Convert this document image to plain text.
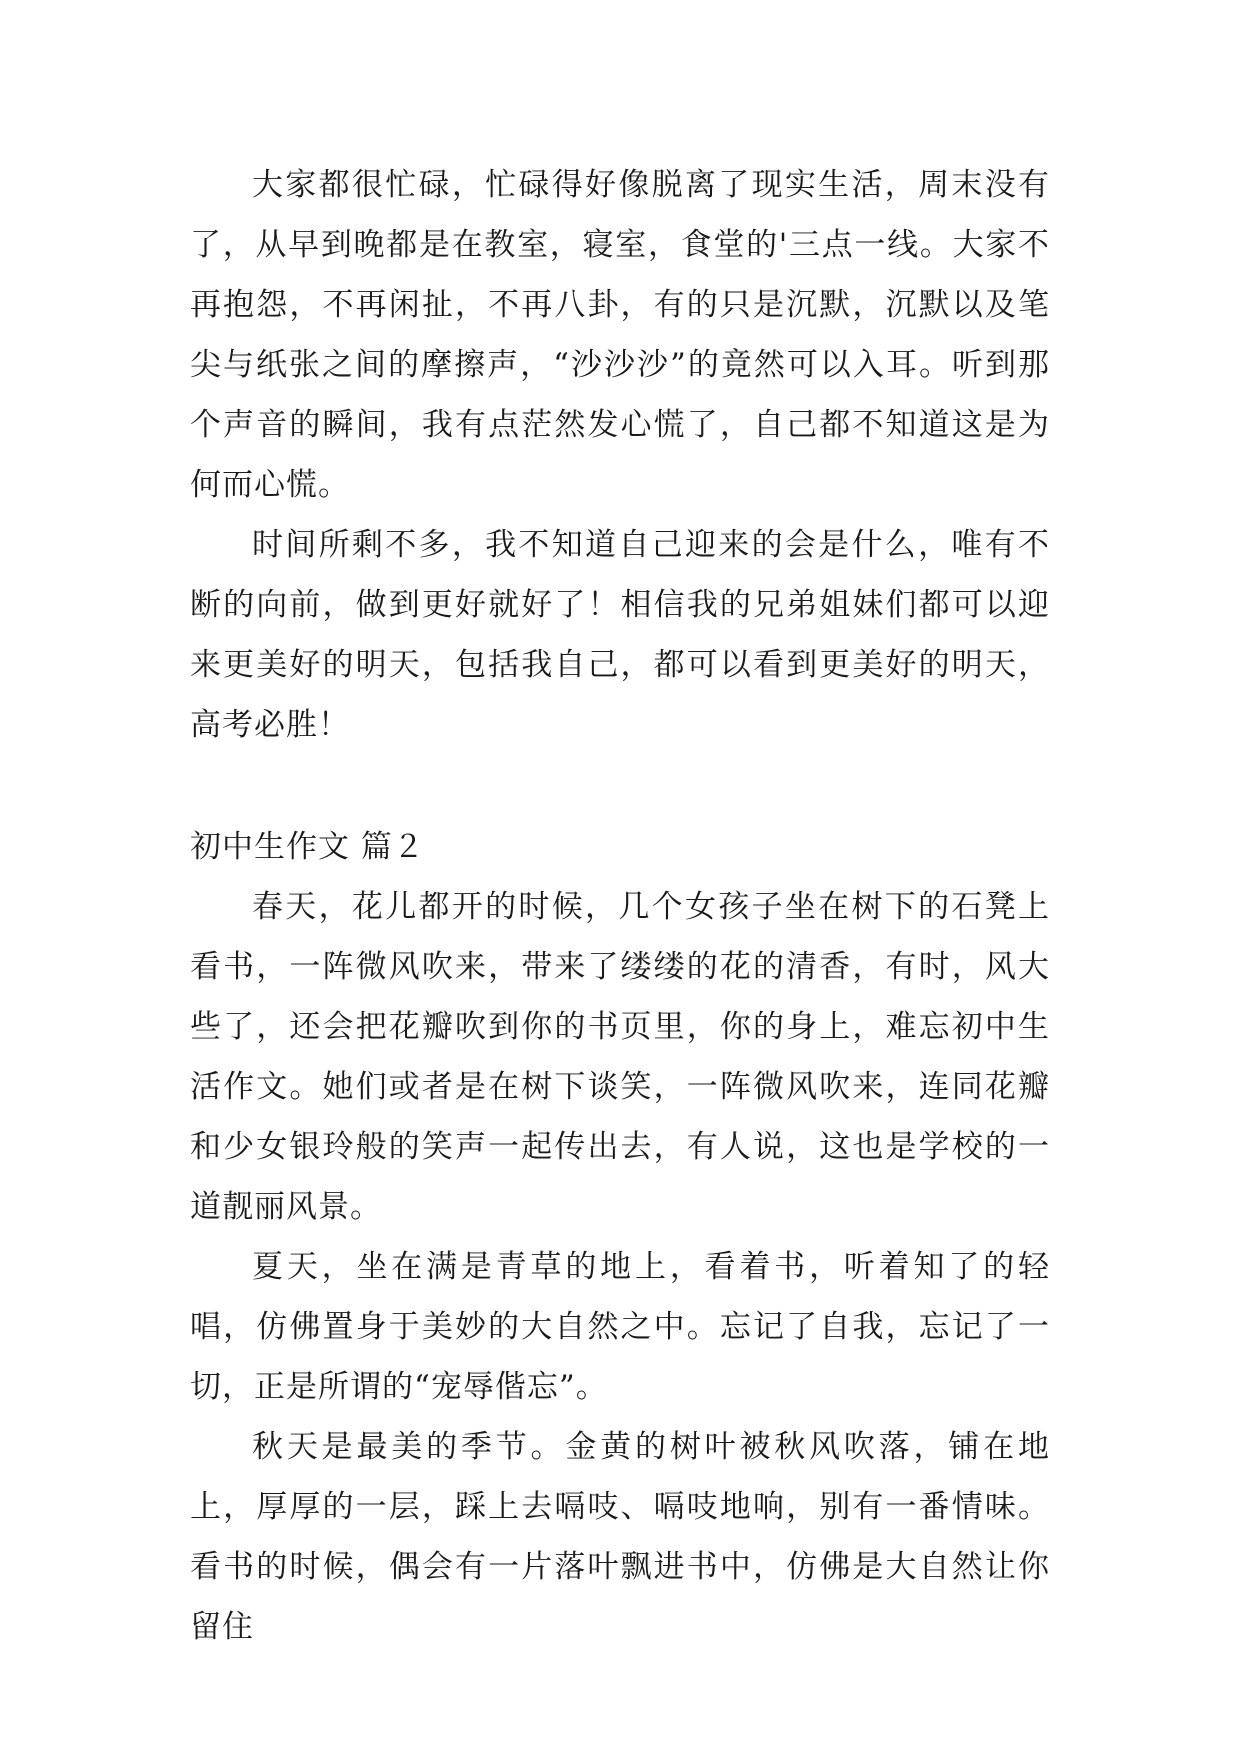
大家都很忙碌，忙碌得好像脱离了现实生活，周末没有了，从早到晚都是在教室，寝室，食堂的'三点一线。大家不再抱怨，不再闲扯，不再八卦，有的只是沉默，沉默以及笔尖与纸张之间的摩擦声，“沙沙沙”的竟然可以入耳。听到那个声音的瞬间，我有点茫然发心慌了，自己都不知道这是为何而心慌。

时间所剩不多，我不知道自己迎来的会是什么，唯有不断的向前，做到更好就好了！相信我的兄弟姐妹们都可以迎来更美好的明天，包括我自己，都可以看到更美好的明天，高考必胜！

初中生作文 篇２

春天，花儿都开的时候，几个女孩子坐在树下的石凳上看书，一阵微风吹来，带来了缕缕的花的清香，有时，风大些了，还会把花瓣吹到你的书页里，你的身上，难忘初中生活作文。她们或者是在树下谈笑，一阵微风吹来，连同花瓣和少女银玲般的笑声一起传出去，有人说，这也是学校的一道靓丽风景。

夏天，坐在满是青草的地上，看着书，听着知了的轻唱，仿佛置身于美妙的大自然之中。忘记了自我，忘记了一切，正是所谓的“宠辱偕忘”。

秋天是最美的季节。金黄的树叶被秋风吹落，铺在地上，厚厚的一层，踩上去嗝吱、嗝吱地响，别有一番情味。看书的时候，偶会有一片落叶飘进书中，仿佛是大自然让你留住
